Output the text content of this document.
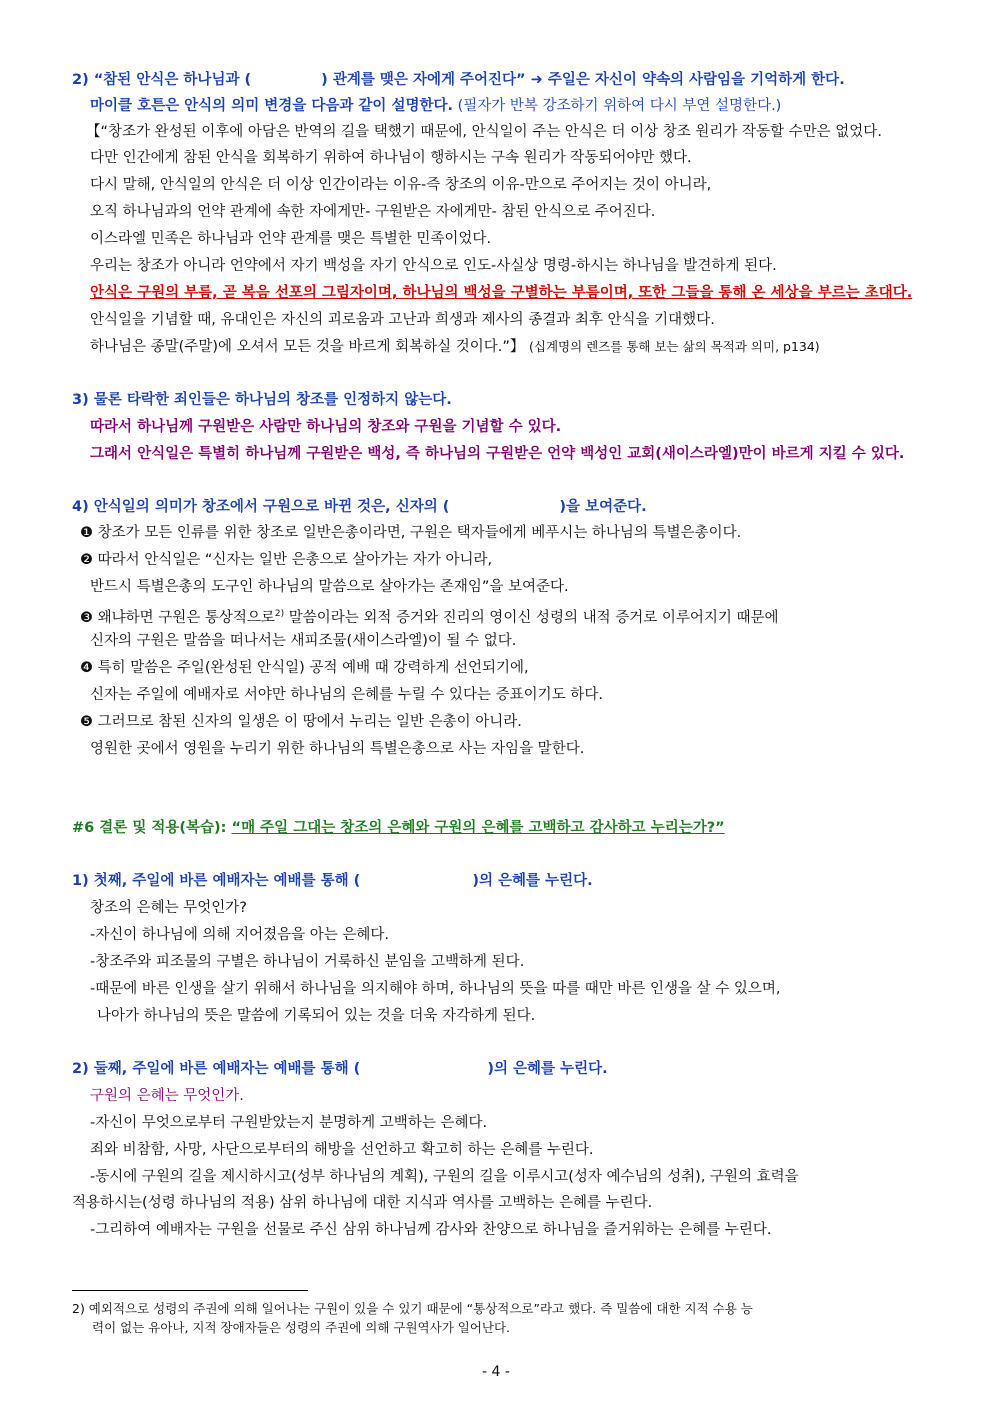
2) “참된 안식은 하나님과 (	) 관계를 맺은 자에게 주어진다” ➜ 주일은 자신이 약속의 사람임을 기억하게 한다.
마이클 호튼은 안식의 의미 변경을 다음과 같이 설명한다. (필자가 반복 강조하기 위하여 다시 부연 설명한다.)
【“창조가 완성된 이후에 아담은 반역의 길을 택했기 때문에, 안식일이 주는 안식은 더 이상 창조 원리가 작동할 수만은 없었다.
다만 인간에게 참된 안식을 회복하기 위하여 하나님이 행하시는 구속 원리가 작동되어야만 했다.
다시 말해, 안식일의 안식은 더 이상 인간이라는 이유-즉 창조의 이유-만으로 주어지는 것이 아니라,
오직 하나님과의 언약 관계에 속한 자에게만- 구원받은 자에게만- 참된 안식으로 주어진다.
이스라엘 민족은 하나님과 언약 관계를 맺은 특별한 민족이었다.
우리는 창조가 아니라 언약에서 자기 백성을 자기 안식으로 인도-사실상 명령-하시는 하나님을 발견하게 된다.
안식은 구원의 부름, 곧 복음 선포의 그림자이며, 하나님의 백성을 구별하는 부름이며, 또한 그들을 통해 온 세상을 부르는 초대다.
안식일을 기념할 때, 유대인은 자신의 괴로움과 고난과 희생과 제사의 종결과 최후 안식을 기대했다.
하나님은 종말(주말)에 오셔서 모든 것을 바르게 회복하실 것이다.”】 (십계명의 렌즈를 통해 보는 삶의 목적과 의미, p134)
3) 물론 타락한 죄인들은 하나님의 창조를 인정하지 않는다.
따라서 하나님께 구원받은 사람만 하나님의 창조와 구원을 기념할 수 있다.
그래서 안식일은 특별히 하나님께 구원받은 백성, 즉 하나님의 구원받은 언약 백성인 교회(새이스라엘)만이 바르게 지킬 수 있다.
4) 안식일의 의미가 창조에서 구원으로 바뀐 것은, 신자의 (	)을 보여준다.
❶ 창조가 모든 인류를 위한 창조로 일반은총이라면, 구원은 택자들에게 베푸시는 하나님의 특별은총이다.
❷ 따라서 안식일은 “신자는 일반 은총으로 살아가는 자가 아니라,
반드시 특별은총의 도구인 하나님의 말씀으로 살아가는 존재임”을 보여준다.
❸ 왜냐하면 구원은 통상적으로$^{2)}$ 말씀이라는 외적 증거와 진리의 영이신 성령의 내적 증거로 이루어지기 때문에
신자의 구원은 말씀을 떠나서는 새피조물(새이스라엘)이 될 수 없다.
❹ 특히 말씀은 주일(완성된 안식일) 공적 예배 때 강력하게 선언되기에,
신자는 주일에 예배자로 서야만 하나님의 은혜를 누릴 수 있다는 증표이기도 하다.
❺ 그러므로 참된 신자의 일생은 이 땅에서 누리는 일반 은총이 아니라.
영원한 곳에서 영원을 누리기 위한 하나님의 특별은총으로 사는 자임을 말한다.
#6 결론 및 적용(복습): “매 주일 그대는 창조의 은혜와 구원의 은혜를 고백하고 감사하고 누리는가?”
1) 첫째, 주일에 바른 예배자는 예배를 통해 (	)의 은혜를 누린다.
창조의 은혜는 무엇인가?
-자신이 하나님에 의해 지어졌음을 아는 은혜다.
-창조주와 피조물의 구별은 하나님이 거룩하신 분임을 고백하게 된다.
-때문에 바른 인생을 살기 위해서 하나님을 의지해야 하며, 하나님의 뜻을 따를 때만 바른 인생을 살 수 있으며,
나아가 하나님의 뜻은 말씀에 기록되어 있는 것을 더욱 자각하게 된다.
2) 둘째, 주일에 바른 예배자는 예배를 통해 (	)의 은혜를 누린다.
구원의 은혜는 무엇인가.
-자신이 무엇으로부터 구원받았는지 분명하게 고백하는 은혜다.
죄와 비참함, 사망, 사단으로부터의 해방을 선언하고 확고히 하는 은혜를 누린다.
-동시에 구원의 길을 제시하시고(성부 하나님의 계획), 구원의 길을 이루시고(성자 예수님의 성취), 구원의 효력을
적용하시는(성령 하나님의 적용) 삼위 하나님에 대한 지식과 역사를 고백하는 은혜를 누린다.
-그리하여 예배자는 구원을 선물로 주신 삼위 하나님께 감사와 찬양으로 하나님을 즐거워하는 은혜를 누린다.
2) 예외적으로 성령의 주권에 의해 일어나는 구원이 있을 수 있기 때문에 “통상적으로”라고 했다. 즉 밀씀에 대한 지적 수용 능
력이 없는 유아나, 지적 장애자들은 성령의 주권에 의해 구원역사가 일어난다.
- 4 -
